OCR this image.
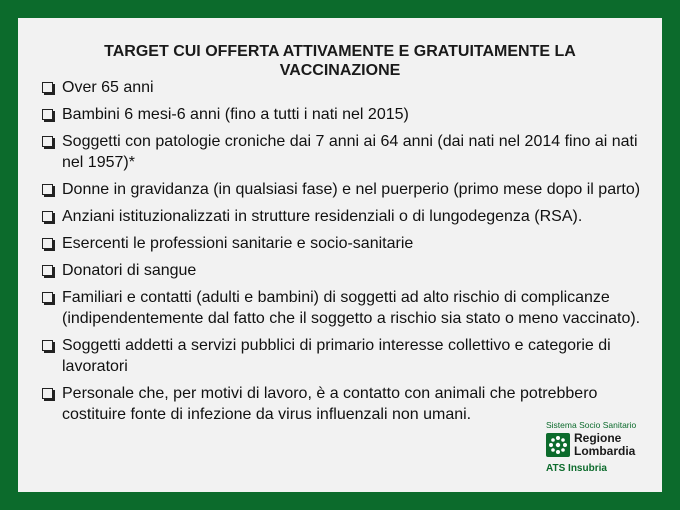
TARGET CUI OFFERTA ATTIVAMENTE E GRATUITAMENTE LA
VACCINAZIONE
Over 65 anni
Bambini 6 mesi-6 anni (fino a tutti i nati nel 2015)
Soggetti con patologie croniche dai 7 anni ai 64 anni (dai nati nel 2014 fino ai nati nel 1957)*
Donne in gravidanza (in qualsiasi fase) e nel puerperio (primo mese dopo il parto)
Anziani istituzionalizzati in strutture residenziali o di lungodegenza (RSA).
Esercenti le professioni sanitarie e socio-sanitarie
Donatori di sangue
Familiari e contatti (adulti e bambini) di soggetti ad alto rischio di complicanze (indipendentemente dal fatto che il soggetto a rischio sia stato o meno vaccinato).
Soggetti addetti a servizi pubblici di primario interesse collettivo e categorie di lavoratori
Personale che, per motivi di lavoro, è a contatto con animali che potrebbero costituire fonte di infezione da virus influenzali non umani.
Sistema Socio Sanitario
Regione
Lombardia
ATS Insubria
